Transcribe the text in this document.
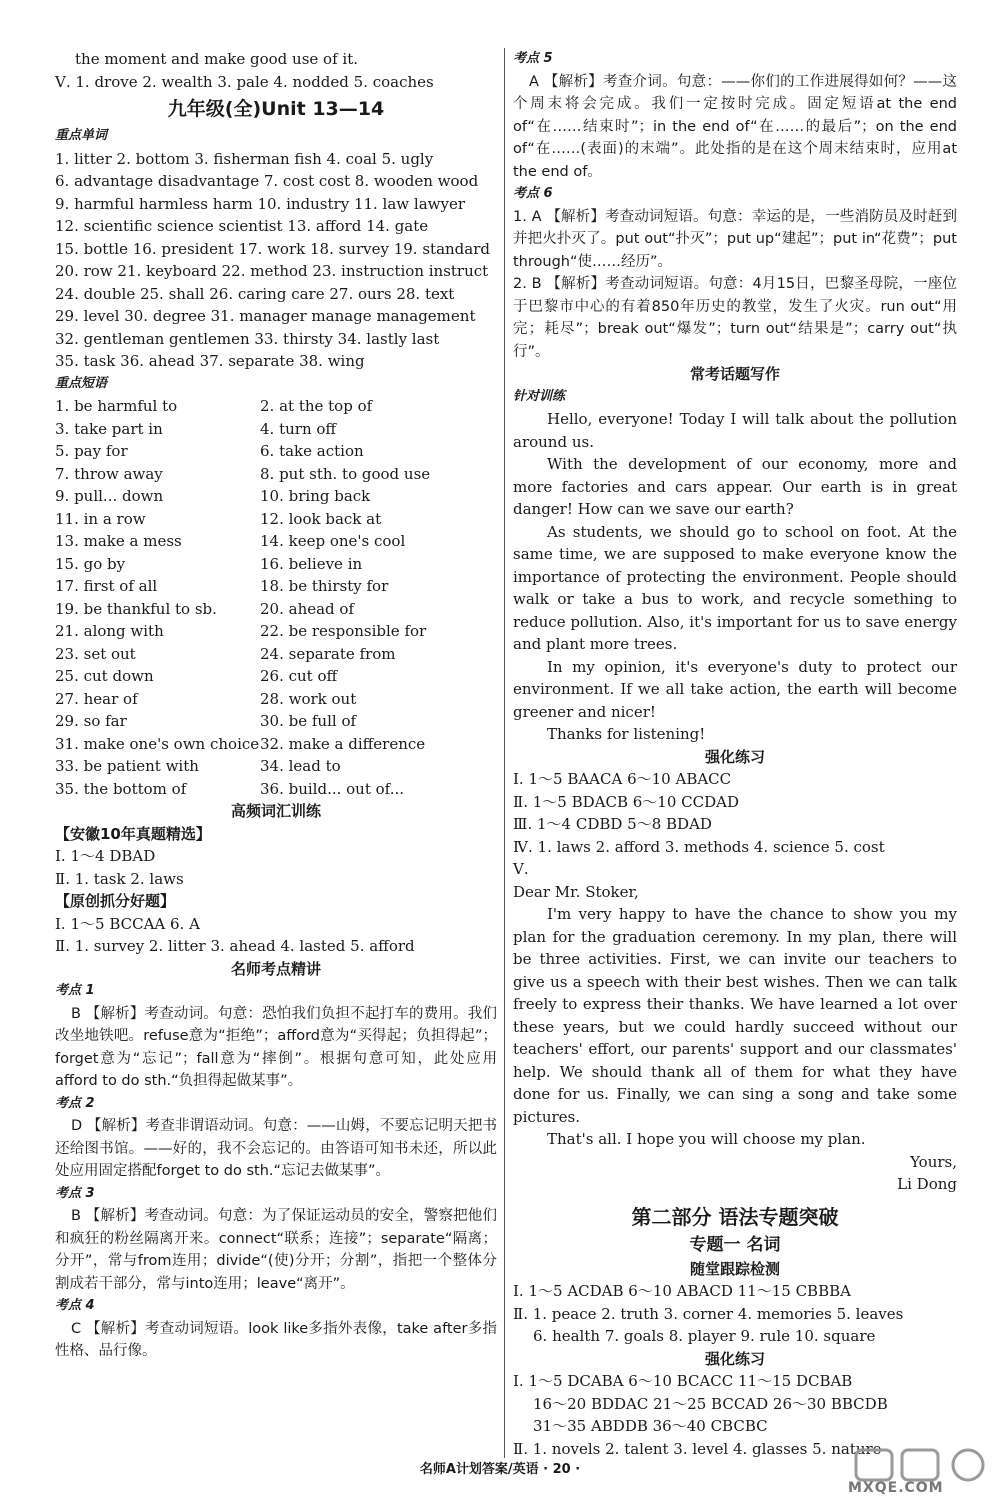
the moment and make good use of it.
Ⅴ. 1. drove 2. wealth 3. pale 4. nodded 5. coaches
九年级(全)Unit 13—14
重点单词
1. litter 2. bottom 3. fisherman fish 4. coal 5. ugly
6. advantage disadvantage 7. cost cost 8. wooden wood
9. harmful harmless harm 10. industry 11. law lawyer
12. scientific science scientist 13. afford 14. gate
15. bottle 16. president 17. work 18. survey 19. standard
20. row 21. keyboard 22. method 23. instruction instruct
24. double 25. shall 26. caring care 27. ours 28. text
29. level 30. degree 31. manager manage management
32. gentleman gentlemen 33. thirsty 34. lastly last
35. task 36. ahead 37. separate 38. wing
重点短语
1. be harmful to	2. at the top of
3. take part in	4. turn off
5. pay for	6. take action
7. throw away	8. put sth. to good use
9. pull... down	10. bring back
11. in a row	12. look back at
13. make a mess	14. keep one's cool
15. go by	16. believe in
17. first of all	18. be thirsty for
19. be thankful to sb.	20. ahead of
21. along with	22. be responsible for
23. set out	24. separate from
25. cut down	26. cut off
27. hear of	28. work out
29. so far	30. be full of
31. make one's own choice 32. make a difference
33. be patient with	34. lead to
35. the bottom of	36. build... out of...
高频词汇训练
【安徽10年真题精选】
Ⅰ. 1～4 DBAD
Ⅱ. 1. task 2. laws
【原创抓分好题】
Ⅰ. 1～5 BCCAA 6. A
Ⅱ. 1. survey 2. litter 3. ahead 4. lasted 5. afford
名师考点精讲
考点 1
B 【解析】考查动词。句意：恐怕我们负担不起打车的费用。我们改坐地铁吧。refuse意为“拒绝”；afford意为“买得起；负担得起”；forget意为“忘记”；fall意为“摔倒”。根据句意可知，此处应用afford to do sth.“负担得起做某事”。
考点 2
D 【解析】考查非谓语动词。句意：——山姆，不要忘记明天把书还给图书馆。——好的，我不会忘记的。由答语可知书未还，所以此处应用固定搭配forget to do sth.“忘记去做某事”。
考点 3
B 【解析】考查动词。句意：为了保证运动员的安全，警察把他们和疯狂的粉丝隔离开来。connect“联系；连接”；separate“隔离；分开”，常与from连用；divide“(使)分开；分割”，指把一个整体分割成若干部分，常与into连用；leave“离开”。
考点 4
C 【解析】考查动词短语。look like多指外表像，take after多指性格、品行像。
考点 5
A 【解析】考查介词。句意：——你们的工作进展得如何？——这个周末将会完成。我们一定按时完成。固定短语at the end of“在……结束时”；in the end of“在……的最后”；on the end of“在……(表面)的末端”。此处指的是在这个周末结束时，应用at the end of。
考点 6
1. A 【解析】考查动词短语。句意：幸运的是，一些消防员及时赶到并把火扑灭了。put out“扑灭”；put up“建起”；put in“花费”；put through“使……经历”。
2. B 【解析】考查动词短语。句意：4月15日，巴黎圣母院，一座位于巴黎市中心的有着850年历史的教堂，发生了火灾。run out“用完；耗尽”；break out“爆发”；turn out“结果是”；carry out“执行”。
常考话题写作
针对训练
Hello, everyone! Today I will talk about the pollution around us.
With the development of our economy, more and more factories and cars appear. Our earth is in great danger! How can we save our earth?
As students, we should go to school on foot. At the same time, we are supposed to make everyone know the importance of protecting the environment. People should walk or take a bus to work, and recycle something to reduce pollution. Also, it's important for us to save energy and plant more trees.
In my opinion, it's everyone's duty to protect our environment. If we all take action, the earth will become greener and nicer!
Thanks for listening!
强化练习
Ⅰ. 1～5 BAACA 6～10 ABACC
Ⅱ. 1～5 BDACB 6～10 CCDAD
Ⅲ. 1～4 CDBD 5～8 BDAD
Ⅳ. 1. laws 2. afford 3. methods 4. science 5. cost
Ⅴ.
Dear Mr. Stoker,
I'm very happy to have the chance to show you my plan for the graduation ceremony. In my plan, there will be three activities. First, we can invite our teachers to give us a speech with their best wishes. Then we can talk freely to express their thanks. We have learned a lot over these years, but we could hardly succeed without our teachers' effort, our parents' support and our classmates' help. We should thank all of them for what they have done for us. Finally, we can sing a song and take some pictures.
That's all. I hope you will choose my plan.
Yours,
Li Dong
第二部分 语法专题突破
专题一 名词
随堂跟踪检测
Ⅰ. 1～5 ACDAB 6～10 ABACD 11～15 CBBBA
Ⅱ. 1. peace 2. truth 3. corner 4. memories 5. leaves
6. health 7. goals 8. player 9. rule 10. square
强化练习
Ⅰ. 1～5 DCABA 6～10 BCACC 11～15 DCBAB
16～20 BDDAC 21～25 BCCAD 26～30 BBCDB
31～35 ABDDB 36～40 CBCBC
Ⅱ. 1. novels 2. talent 3. level 4. glasses 5. nature
名师A计划答案/英语 · 20 ·
MXQE.COM
